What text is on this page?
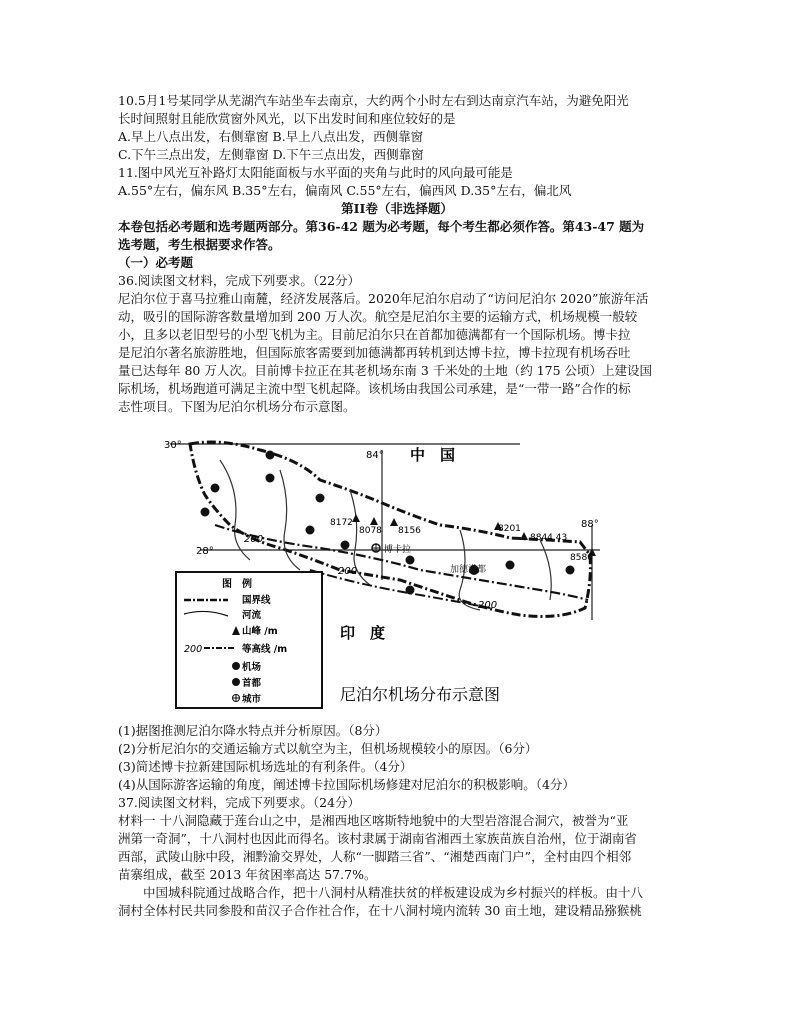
10.5月1号某同学从芜湖汽车站坐车去南京，大约两个小时左右到达南京汽车站，为避免阳光
长时间照射且能欣赏窗外风光，以下出发时间和座位较好的是
A.早上八点出发，右侧靠窗 B.早上八点出发，西侧靠窗
C.下午三点出发，左侧靠窗 D.下午三点出发，西侧靠窗
11.图中风光互补路灯太阳能面板与水平面的夹角与此时的风向最可能是
A.55°左右，偏东风 B.35°左右，偏南风 C.55°左右，偏西风 D.35°左右，偏北风
第II卷（非选择题）
本卷包括必考题和选考题两部分。第36-42 题为必考题，每个考生都必须作答。第43-47 题为
选考题，考生根据要求作答。
（一）必考题
36.阅读图文材料，完成下列要求。（22分）
尼泊尔位于喜马拉雅山南麓，经济发展落后。2020年尼泊尔启动了“访问尼泊尔 2020”旅游年活
动，吸引的国际游客数量增加到 200 万人次。航空是尼泊尔主要的运输方式，机场规模一般较
小，且多以老旧型号的小型飞机为主。目前尼泊尔只在首都加德满都有一个国际机场。博卡拉
是尼泊尔著名旅游胜地，但国际旅客需要到加德满都再转机到达博卡拉，博卡拉现有机场吞吐
量已达每年 80 万人次。目前博卡拉正在其老机场东南 3 千米处的土地（约 175 公顷）上建设国
际机场，机场跑道可满足主流中型飞机起降。该机场由我国公司承建，是“一带一路”合作的标
志性项目。下图为尼泊尔机场分布示意图。
30°
28°
84°
88°
中　国
印　度
200
200
200
8172
8078 8156	8201
8844.43
8586
博卡拉
加德满都
图　例
国界线
河流
山峰 /m
200	等高线 /m
机场
首都
城市	尼泊尔机场分布示意图
(1)据图推测尼泊尔降水特点并分析原因。（8分）
(2)分析尼泊尔的交通运输方式以航空为主，但机场规模较小的原因。（6分）
(3)简述博卡拉新建国际机场选址的有利条件。（4分）
(4)从国际游客运输的角度，阐述博卡拉国际机场修建对尼泊尔的积极影响。（4分）
37.阅读图文材料，完成下列要求。（24分）
材料一 十八洞隐藏于莲台山之中，是湘西地区喀斯特地貌中的大型岩溶混合洞穴，被誉为“亚
洲第一奇洞”，十八洞村也因此而得名。该村隶属于湖南省湘西土家族苗族自治州，位于湖南省
西部，武陵山脉中段，湘黔渝交界处，人称“一脚踏三省”、“湘楚西南门户”，全村由四个相邻
苗寨组成，截至 2013 年贫困率高达 57.7%。
　　中国城科院通过战略合作，把十八洞村从精准扶贫的样板建设成为乡村振兴的样板。由十八
洞村全体村民共同参股和苗汉子合作社合作，在十八洞村境内流转 30 亩土地，建设精品猕猴桃
